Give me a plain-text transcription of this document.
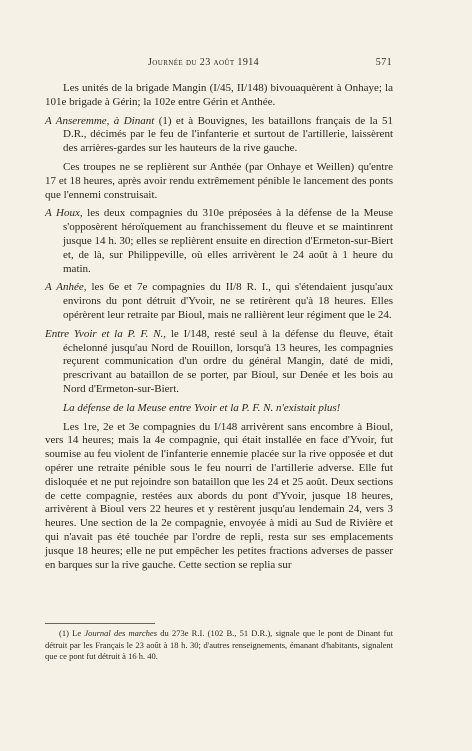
Journée du 23 août 1914	571

Les unités de la brigade Mangin (I/45, II/148) bivouaquèrent à Onhaye; la 101e brigade à Gérin; la 102e entre Gérin et Anthée.

A Anseremme, à Dinant (1) et à Bouvignes, les bataillons français de la 51 D.R., décimés par le feu de l'infanterie et surtout de l'artillerie, laissèrent des arrières-gardes sur les hauteurs de la rive gauche.

Ces troupes ne se replièrent sur Anthée (par Onhaye et Weillen) qu'entre 17 et 18 heures, après avoir rendu extrêmement pénible le lancement des ponts que l'ennemi construisait.

A Houx, les deux compagnies du 310e préposées à la défense de la Meuse s'opposèrent héroïquement au franchissement du fleuve et se maintinrent jusque 14 h. 30; elles se replièrent ensuite en direction d'Ermeton-sur-Biert et, de là, sur Philippeville, où elles arrivèrent le 24 août à 1 heure du matin.

A Anhée, les 6e et 7e compagnies du II/8 R. I., qui s'étendaient jusqu'aux environs du pont détruit d'Yvoir, ne se retirèrent qu'à 18 heures. Elles opérèrent leur retraite par Bioul, mais ne rallièrent leur régiment que le 24.

Entre Yvoir et la P. F. N., le I/148, resté seul à la défense du fleuve, était échelonné jusqu'au Nord de Rouillon, lorsqu'à 13 heures, les compagnies reçurent communication d'un ordre du général Mangin, daté de midi, prescrivant au bataillon de se porter, par Bioul, sur Denée et les bois au Nord d'Ermeton-sur-Biert.

La défense de la Meuse entre Yvoir et la P. F. N. n'existait plus!

Les 1re, 2e et 3e compagnies du I/148 arrivèrent sans encombre à Bioul, vers 14 heures; mais la 4e compagnie, qui était installée en face d'Yvoir, fut soumise au feu violent de l'infanterie ennemie placée sur la rive opposée et dut opérer une retraite pénible sous le feu nourri de l'artillerie adverse. Elle fut disloquée et ne put rejoindre son bataillon que les 24 et 25 août. Deux sections de cette compagnie, restées aux abords du pont d'Yvoir, jusque 18 heures, arrivèrent à Bioul vers 22 heures et y restèrent jusqu'au lendemain 24, vers 3 heures. Une section de la 2e compagnie, envoyée à midi au Sud de Rivière et qui n'avait pas été touchée par l'ordre de repli, resta sur ses emplacements jusque 18 heures; elle ne put empêcher les petites fractions adverses de passer en barques sur la rive gauche. Cette section se replia sur

(1) Le Journal des marches du 273e R.I. (102 B., 51 D.R.), signale que le pont de Dinant fut détruit par les Français le 23 août à 18 h. 30; d'autres renseignements, émanant d'habitants, signalent que ce pont fut détruit à 16 h. 40.
